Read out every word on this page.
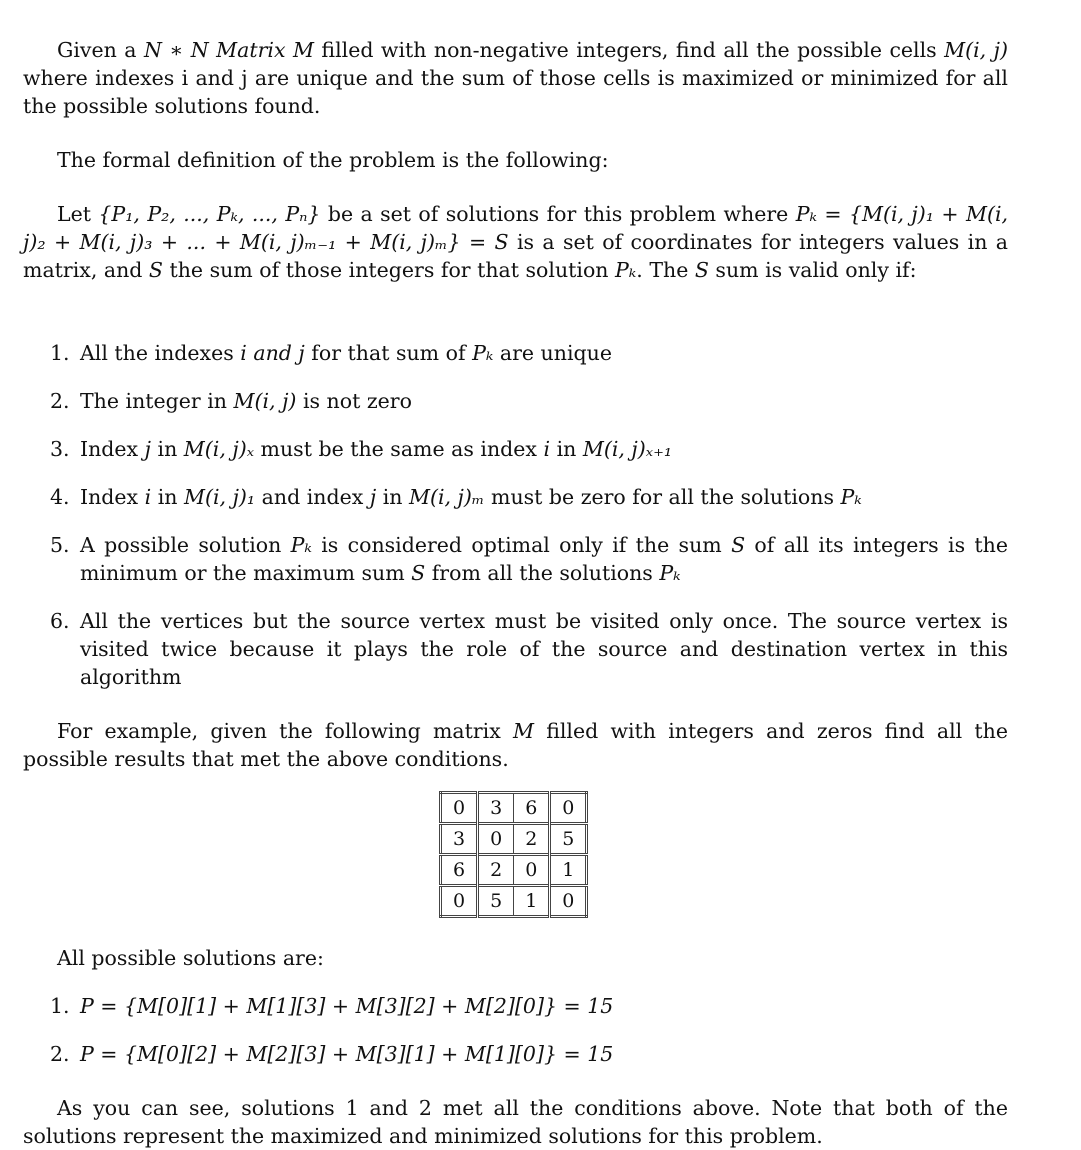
Given a N ∗ N Matrix M filled with non-negative integers, find all the possible cells M(i, j) where indexes i and j are unique and the sum of those cells is maximized or minimized for all the possible solutions found.

The formal definition of the problem is the following:

Let {P₁, P₂, ..., Pₖ, ..., Pₙ} be a set of solutions for this problem where Pₖ = {M(i, j)₁ + M(i, j)₂ + M(i, j)₃ + ... + M(i, j)ₘ₋₁ + M(i, j)ₘ} = S is a set of coordinates for integers values in a matrix, and S the sum of those integers for that solution Pₖ. The S sum is valid only if:

1. All the indexes i and j for that sum of Pₖ are unique
2. The integer in M(i, j) is not zero
3. Index j in M(i, j)ₓ must be the same as index i in M(i, j)ₓ₊₁
4. Index i in M(i, j)₁ and index j in M(i, j)ₘ must be zero for all the solutions Pₖ
5. A possible solution Pₖ is considered optimal only if the sum S of all its integers is the minimum or the maximum sum S from all the solutions Pₖ
6. All the vertices but the source vertex must be visited only once. The source vertex is visited twice because it plays the role of the source and destination vertex in this algorithm

For example, given the following matrix M filled with integers and zeros find all the possible results that met the above conditions.

0	3	6	0
3	0	2	5
6	2	0	1
0	5	1	0

All possible solutions are:

1. P = {M[0][1] + M[1][3] + M[3][2] + M[2][0]} = 15
2. P = {M[0][2] + M[2][3] + M[3][1] + M[1][0]} = 15

As you can see, solutions 1 and 2 met all the conditions above. Note that both of the solutions represent the maximized and minimized solutions for this problem.
